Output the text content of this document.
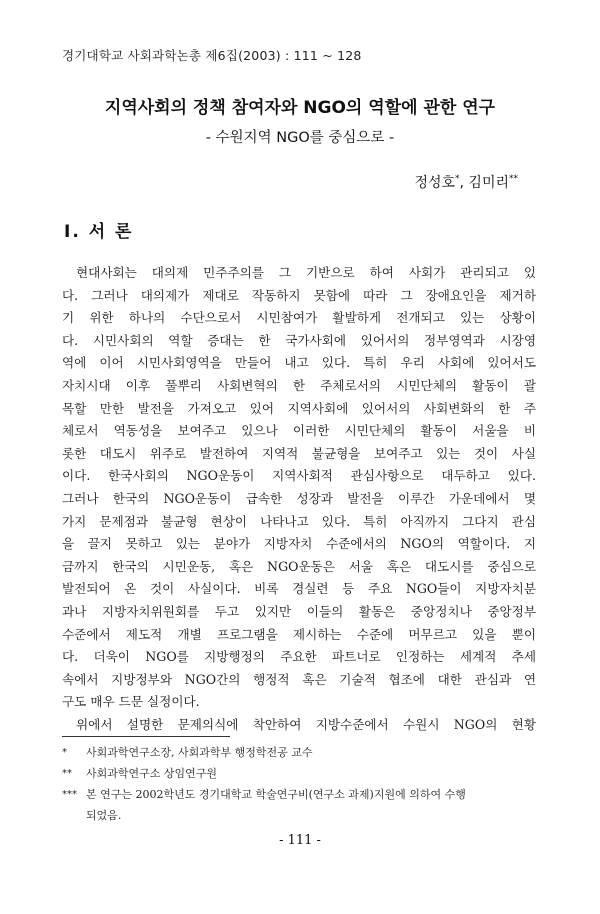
경기대학교 사회과학논총 제6집(2003) : 111 ~ 128
지역사회의 정책 참여자와 NGO의 역할에 관한 연구
- 수원지역 NGO를 중심으로 -
정성호*, 김미리**
Ⅰ. 서 론
현대사회는 대의제 민주주의를 그 기반으로 하여 사회가 관리되고 있
다. 그러나 대의제가 제대로 작동하지 못함에 따라 그 장애요인을 제거하
기 위한 하나의 수단으로서 시민참여가 활발하게 전개되고 있는 상황이
다. 시민사회의 역할 증대는 한 국가사회에 있어서의 정부영역과 시장영
역에 이어 시민사회영역을 만들어 내고 있다. 특히 우리 사회에 있어서도
자치시대 이후 풀뿌리 사회변혁의 한 주체로서의 시민단체의 활동이 괄
목할 만한 발전을 가져오고 있어 지역사회에 있어서의 사회변화의 한 주
체로서 역동성을 보여주고 있으나 이러한 시민단체의 활동이 서울을 비
롯한 대도시 위주로 발전하여 지역적 불균형을 보여주고 있는 것이 사실
이다. 한국사회의 NGO운동이 지역사회적 관심사항으로 대두하고 있다.
그러나 한국의 NGO운동이 급속한 성장과 발전을 이루간 가운데에서 몇
가지 문제점과 불균형 현상이 나타나고 있다. 특히 아직까지 그다지 관심
을 끌지 못하고 있는 분야가 지방자치 수준에서의 NGO의 역할이다. 지
금까지 한국의 시민운동, 혹은 NGO운동은 서울 혹은 대도시를 중심으로
발전되어 온 것이 사실이다. 비록 경실련 등 주요 NGO들이 지방자치분
과나 지방자치위원회를 두고 있지만 이들의 활동은 중앙정치나 중앙정부
수준에서 제도적 개별 프로그램을 제시하는 수준에 머무르고 있을 뿐이
다. 더욱이 NGO를 지방행정의 주요한 파트너로 인정하는 세계적 추세
속에서 지방정부와 NGO간의 행정적 혹은 기술적 협조에 대한 관심과 연
구도 매우 드문 실정이다.
위에서 설명한 문제의식에 착안하여 지방수준에서 수원시 NGO의 현황
*	사회과학연구소장, 사회과학부 행정학전공 교수
**	사회과학연구소 상임연구원
*** 본 연구는 2002학년도 경기대학교 학술연구비(연구소 과제)지원에 의하여 수행
되었음.
- 111 -
